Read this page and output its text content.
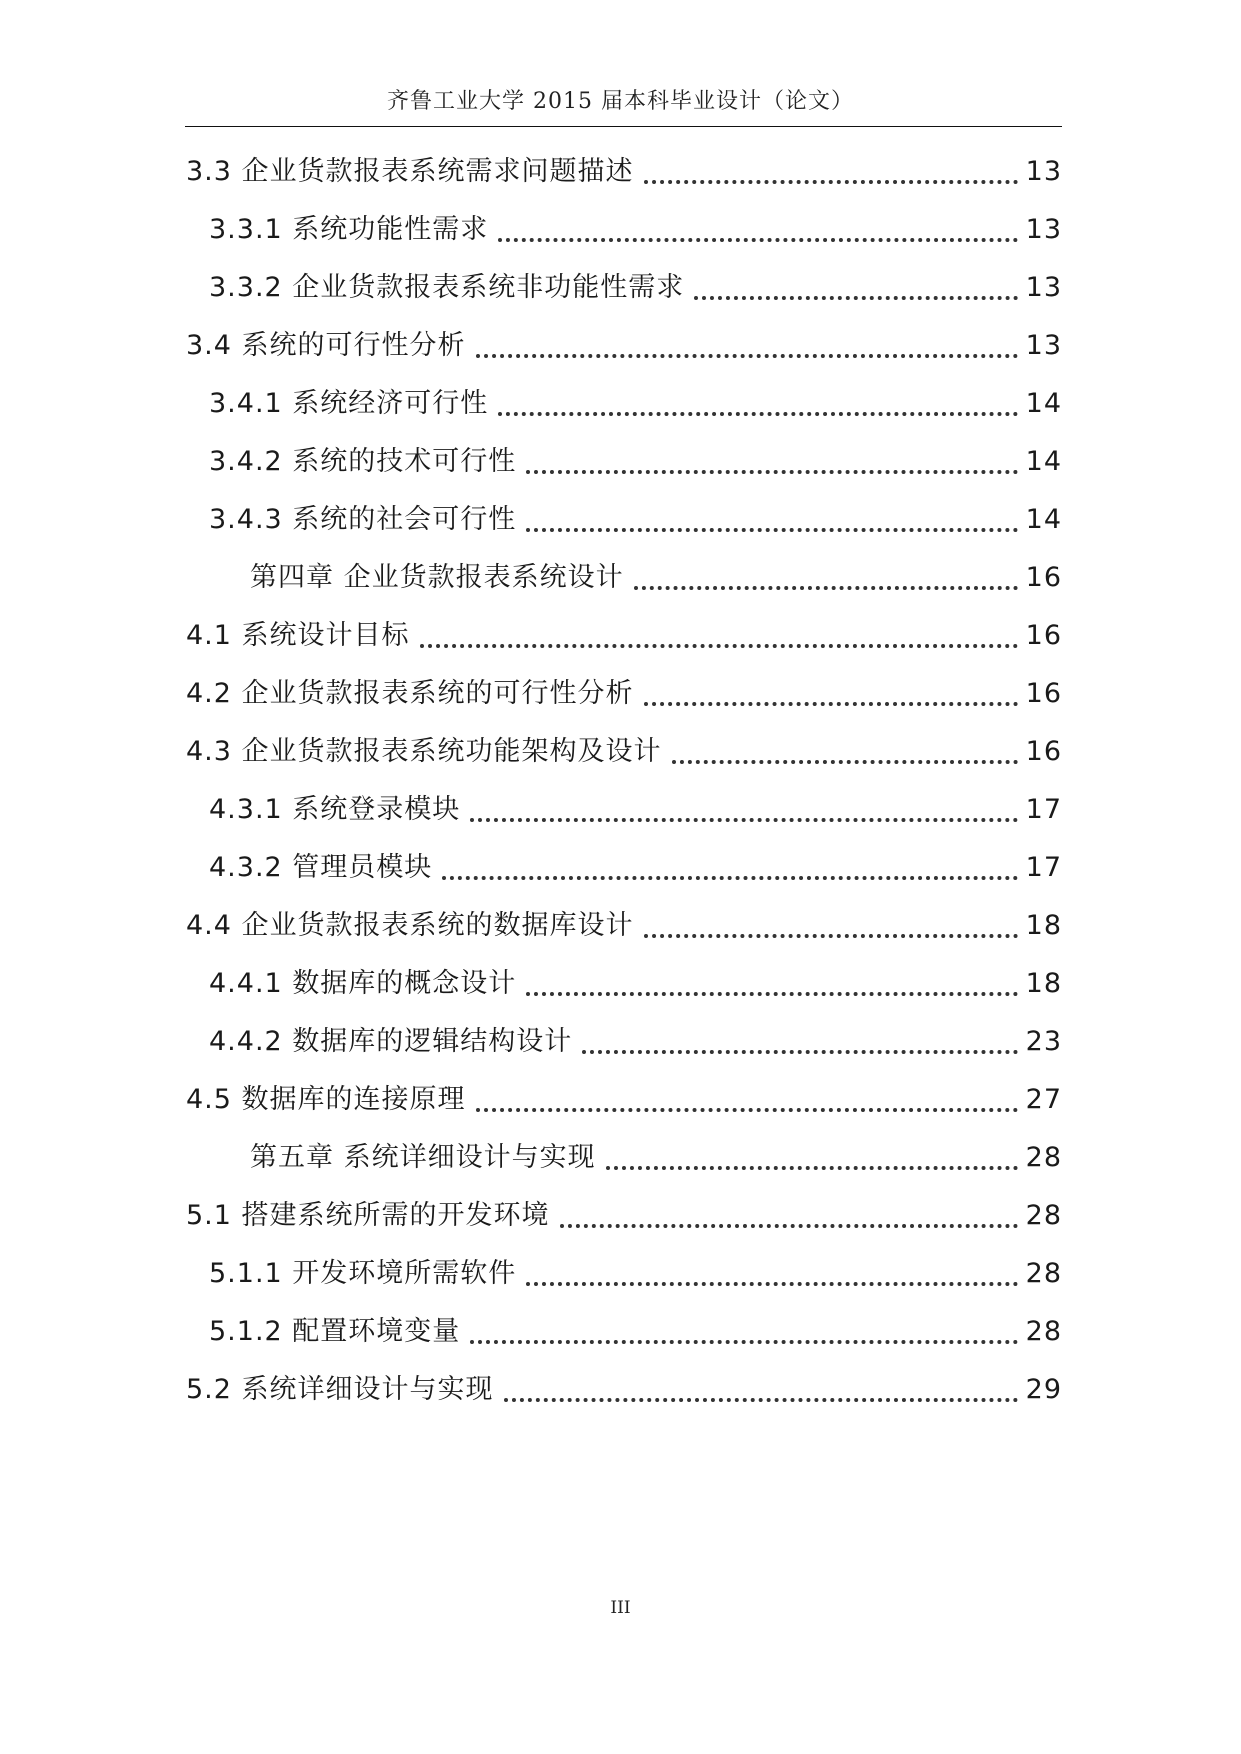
齐鲁工业大学 2015 届本科毕业设计（论文）
3.3 企业货款报表系统需求问题描述	13
3.3.1 系统功能性需求	13
3.3.2 企业货款报表系统非功能性需求	13
3.4 系统的可行性分析	13
3.4.1 系统经济可行性	14
3.4.2 系统的技术可行性	14
3.4.3 系统的社会可行性	14
第四章 企业货款报表系统设计	16
4.1 系统设计目标	16
4.2 企业货款报表系统的可行性分析	16
4.3 企业货款报表系统功能架构及设计	16
4.3.1 系统登录模块	17
4.3.2 管理员模块	17
4.4 企业货款报表系统的数据库设计	18
4.4.1 数据库的概念设计	18
4.4.2 数据库的逻辑结构设计	23
4.5 数据库的连接原理	27
第五章 系统详细设计与实现	28
5.1 搭建系统所需的开发环境	28
5.1.1 开发环境所需软件	28
5.1.2 配置环境变量	28
5.2 系统详细设计与实现	29
III
